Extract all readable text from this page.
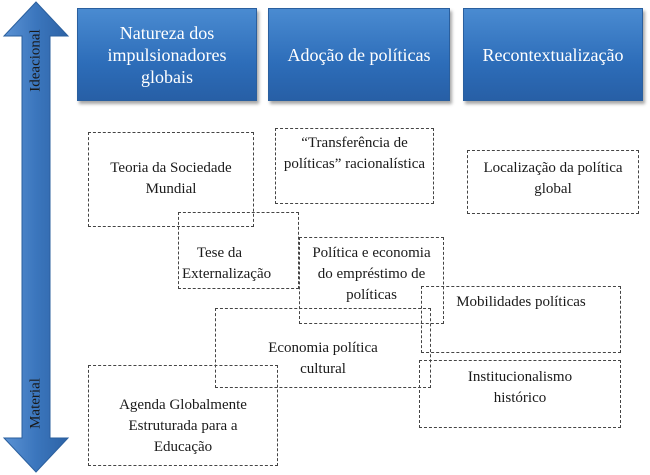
Ideacional
Material
Natureza dos impulsionadores globais
Adoção de políticas	Recontextualização
Teoria da Sociedade Mundial
“Transferência de políticas” racionalística	Localização da política global
Tese da Externalização
Política e economia do empréstimo de políticas	Mobilidades políticas
Economia política cultural	Institucionalismo histórico
Agenda Globalmente Estruturada para a Educação
